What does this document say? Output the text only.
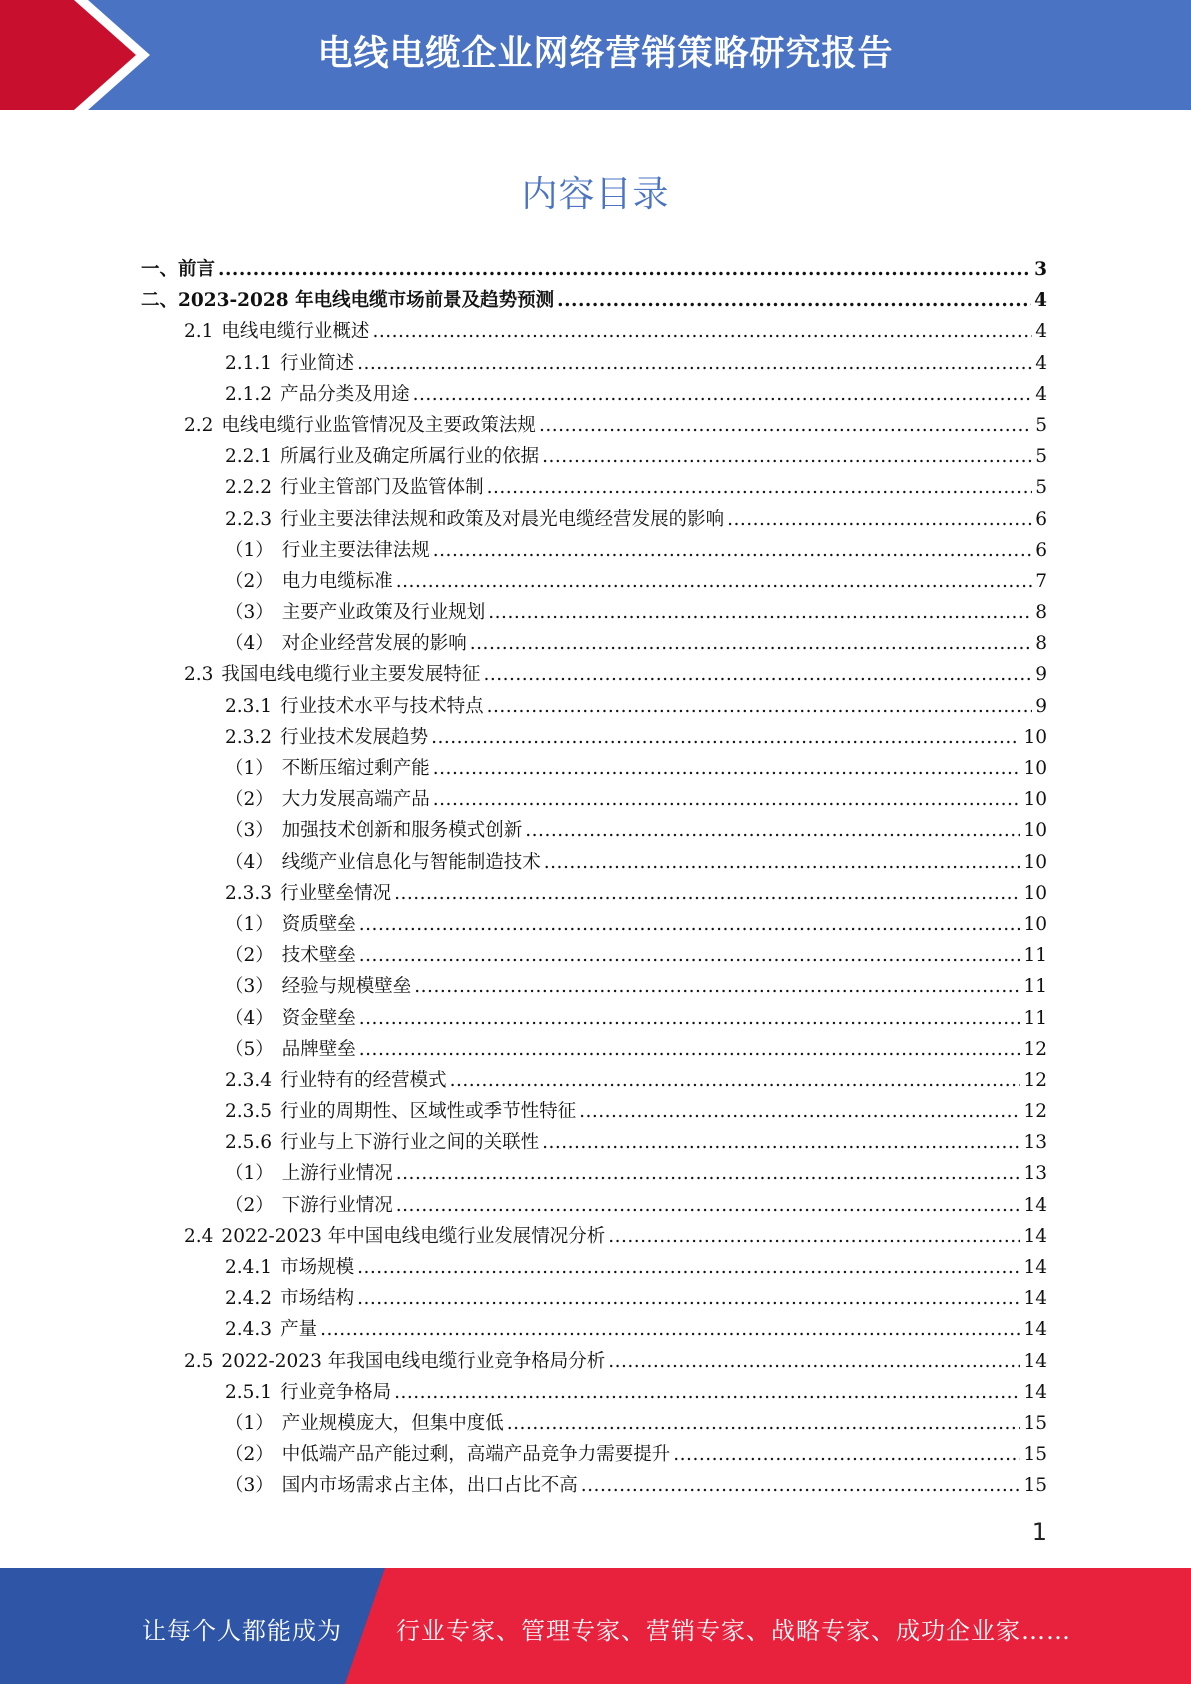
电线电缆企业网络营销策略研究报告
内容目录
一、 前言 .....	3
二、 2023-2028 年电线电缆市场前景及趋势预测 .....	4
2.1 电线电缆行业概述 .....	4
2.1.1 行业简述 .....	4
2.1.2 产品分类及用途 .....	4
2.2 电线电缆行业监管情况及主要政策法规 .....	5
2.2.1 所属行业及确定所属行业的依据 .....	5
2.2.2 行业主管部门及监管体制 .....	5
2.2.3 行业主要法律法规和政策及对晨光电缆经营发展的影响 .....	6
（1） 行业主要法律法规 .....	6
（2） 电力电缆标准 .....	7
（3） 主要产业政策及行业规划 .....	8
（4） 对企业经营发展的影响 .....	8
2.3 我国电线电缆行业主要发展特征 .....	9
2.3.1 行业技术水平与技术特点 .....	9
2.3.2 行业技术发展趋势 .....	10
（1） 不断压缩过剩产能 .....	10
（2） 大力发展高端产品 .....	10
（3） 加强技术创新和服务模式创新 .....	10
（4） 线缆产业信息化与智能制造技术 .....	10
2.3.3 行业壁垒情况 .....	10
（1） 资质壁垒 .....	10
（2） 技术壁垒 .....	11
（3） 经验与规模壁垒 .....	11
（4） 资金壁垒 .....	11
（5） 品牌壁垒 .....	12
2.3.4 行业特有的经营模式 .....	12
2.3.5 行业的周期性、区域性或季节性特征 .....	12
2.5.6 行业与上下游行业之间的关联性 .....	13
（1） 上游行业情况 .....	13
（2） 下游行业情况 .....	14
2.4 2022-2023 年中国电线电缆行业发展情况分析 .....	14
2.4.1 市场规模 .....	14
2.4.2 市场结构 .....	14
2.4.3 产量 .....	14
2.5 2022-2023 年我国电线电缆行业竞争格局分析 .....	14
2.5.1 行业竞争格局 .....	14
（1） 产业规模庞大，但集中度低 .....	15
（2） 中低端产品产能过剩，高端产品竞争力需要提升 .....	15
（3） 国内市场需求占主体，出口占比不高 .....	15
1
让每个人都能成为 行业专家、管理专家、营销专家、战略专家、成功企业家……
